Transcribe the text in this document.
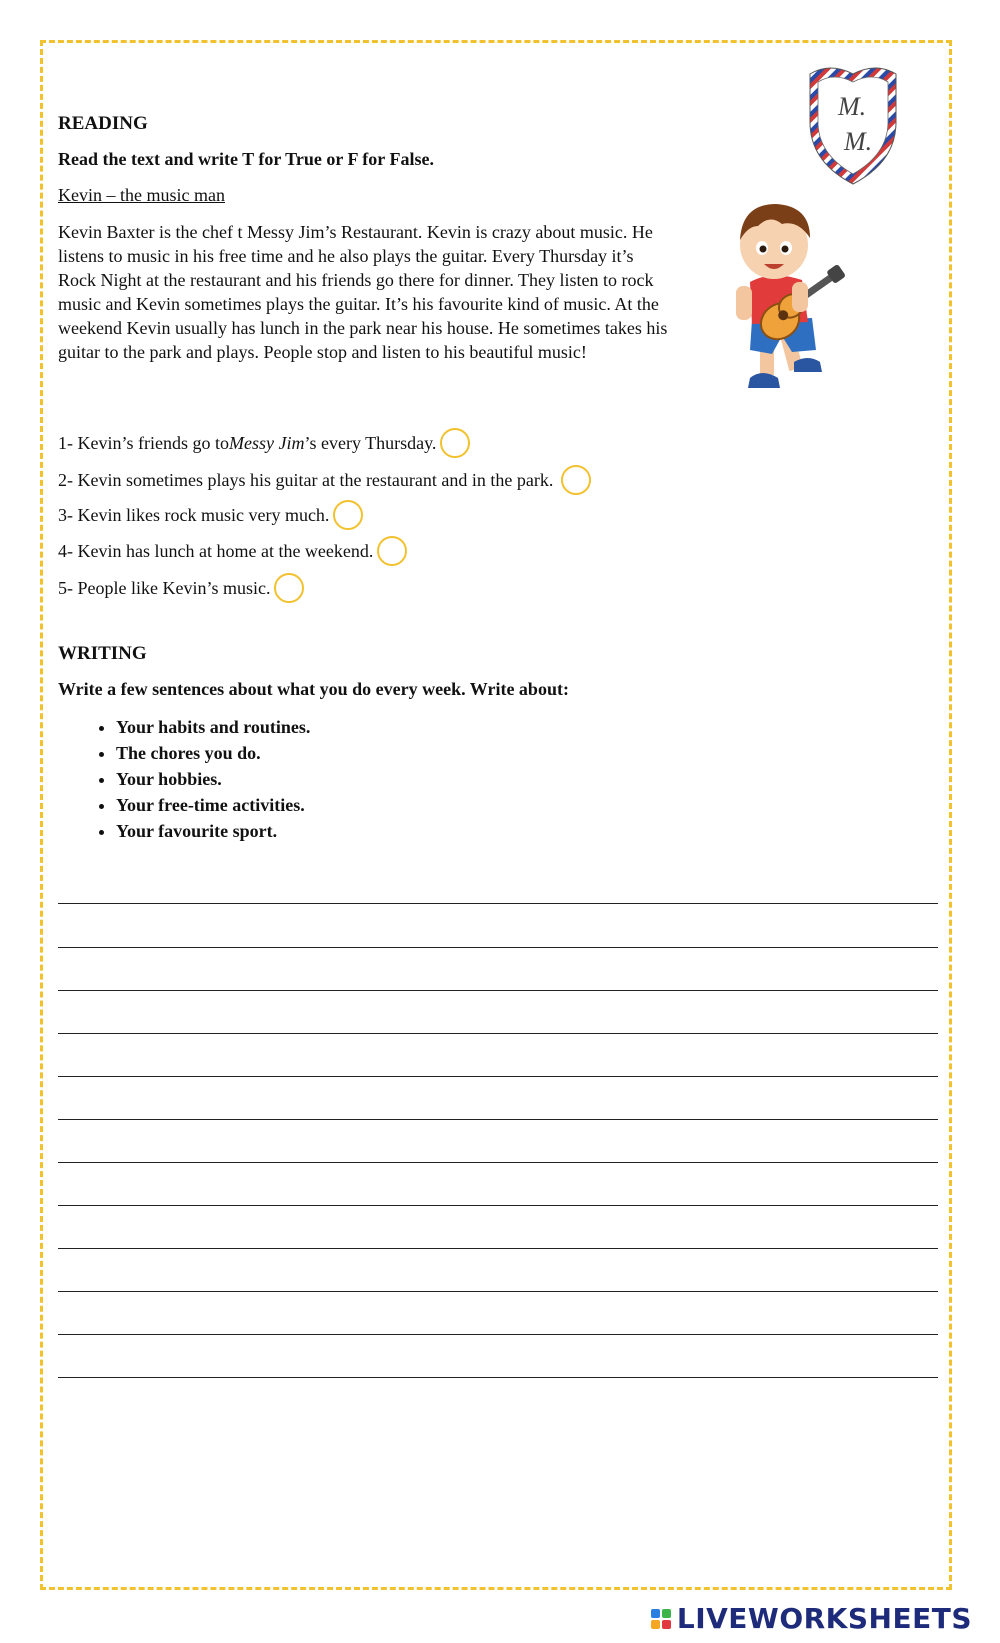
READING
Read the text and write T for True or F for False.
Kevin – the music man
Kevin Baxter is the chef t Messy Jim’s Restaurant. Kevin is crazy about music. He listens to music in his free time and he also plays the guitar. Every Thursday it’s Rock Night at the restaurant and his friends go there for dinner. They listen to rock music and Kevin sometimes plays the guitar. It’s his favourite kind of music. At the weekend Kevin usually has lunch in the park near his house. He sometimes takes his guitar to the park and plays. People stop and listen to his beautiful music!
M.
M.
1- Kevin’s friends go to Messy Jim ’s every Thursday.
2- Kevin sometimes plays his guitar at the restaurant and in the park.
3- Kevin likes rock music very much.
4- Kevin has lunch at home at the weekend.
5- People like Kevin’s music.
WRITING
Write a few sentences about what you do every week. Write about:
• Your habits and routines.
• The chores you do.
• Your hobbies.
• Your free-time activities.
• Your favourite sport.
LIVEWORKSHEETS
